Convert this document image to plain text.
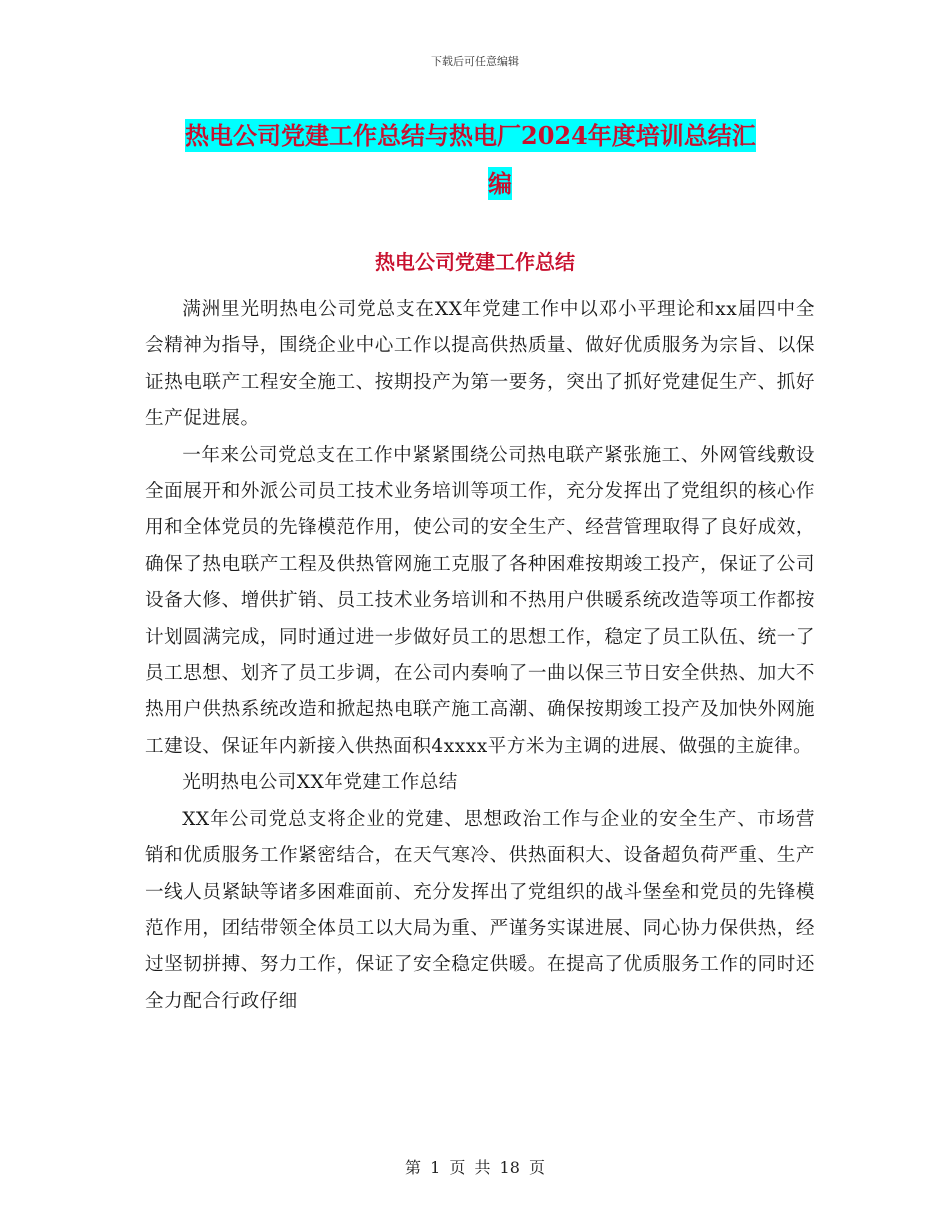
下载后可任意编辑
热电公司党建工作总结与热电厂2024年度培训总结汇
编
热电公司党建工作总结

满洲里光明热电公司党总支在XX年党建工作中以邓小平理论和xx届四中全会精神为指导，围绕企业中心工作以提高供热质量、做好优质服务为宗旨、以保证热电联产工程安全施工、按期投产为第一要务，突出了抓好党建促生产、抓好生产促进展。

一年来公司党总支在工作中紧紧围绕公司热电联产紧张施工、外网管线敷设全面展开和外派公司员工技术业务培训等项工作，充分发挥出了党组织的核心作用和全体党员的先锋模范作用，使公司的安全生产、经营管理取得了良好成效，确保了热电联产工程及供热管网施工克服了各种困难按期竣工投产，保证了公司设备大修、增供扩销、员工技术业务培训和不热用户供暖系统改造等项工作都按计划圆满完成，同时通过进一步做好员工的思想工作，稳定了员工队伍、统一了员工思想、划齐了员工步调，在公司内奏响了一曲以保三节日安全供热、加大不热用户供热系统改造和掀起热电联产施工高潮、确保按期竣工投产及加快外网施工建设、保证年内新接入供热面积4xxxx平方米为主调的进展、做强的主旋律。

光明热电公司XX年党建工作总结

XX年公司党总支将企业的党建、思想政治工作与企业的安全生产、市场营销和优质服务工作紧密结合，在天气寒冷、供热面积大、设备超负荷严重、生产一线人员紧缺等诸多困难面前、充分发挥出了党组织的战斗堡垒和党员的先锋模范作用，团结带领全体员工以大局为重、严谨务实谋进展、同心协力保供热，经过坚韧拼搏、努力工作，保证了安全稳定供暖。在提高了优质服务工作的同时还全力配合行政仔细

第 1 页 共 18 页
